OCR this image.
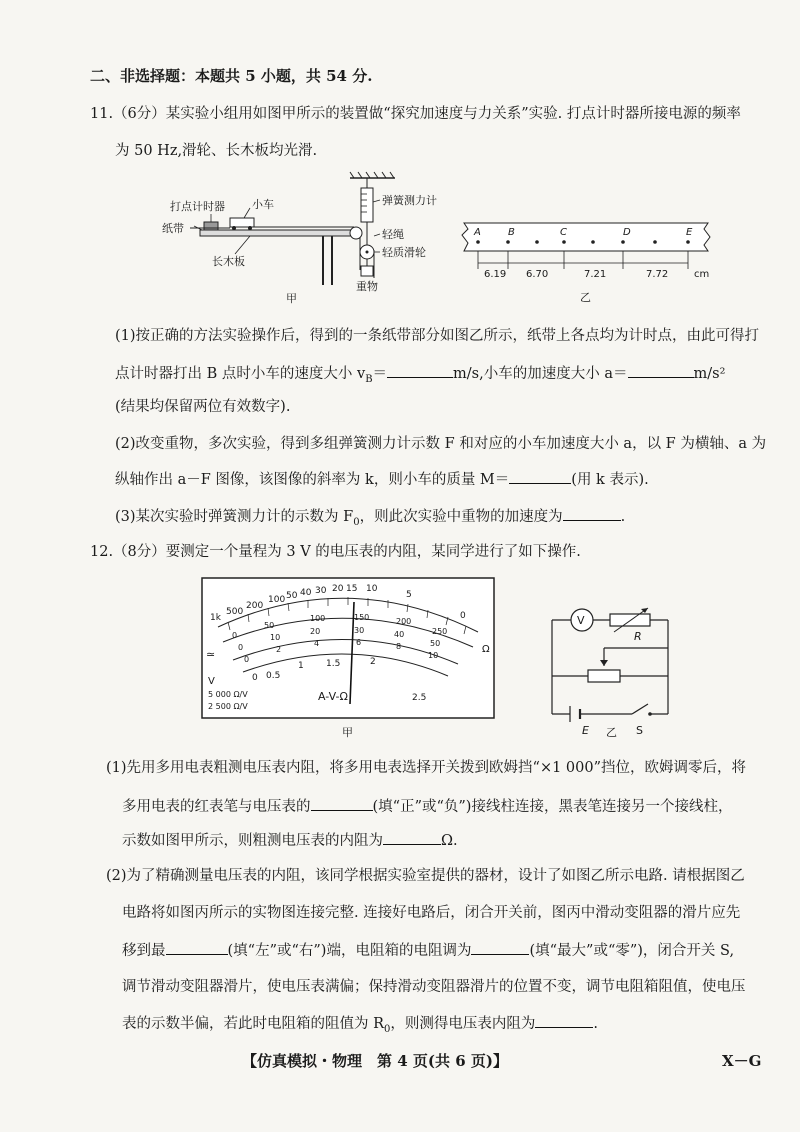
二、非选择题：本题共 5 小题，共 54 分.
11.（6分）某实验小组用如图甲所示的装置做“探究加速度与力关系”实验. 打点计时器所接电源的频率
为 50 Hz,滑轮、长木板均光滑.
打点计时器 小车
纸带
长木板
弹簧测力计
轻绳
轻质滑轮
重物
甲
A	B	C	D	E
6.19 6.70	7.21	7.72	cm
乙
(1)按正确的方法实验操作后，得到的一条纸带部分如图乙所示，纸带上各点均为计时点，由此可得打
点计时器打出 B 点时小车的速度大小 $v_B=$	m/s,小车的加速度大小 a＝	m/s²
(结果均保留两位有效数字).
(2)改变重物，多次实验，得到多组弹簧测力计示数 F 和对应的小车加速度大小 a，以 F 为横轴、a 为
纵轴作出 a－F 图像，该图像的斜率为 k，则小车的质量 M＝	(用 k 表示).
(3)某次实验时弹簧测力计的示数为 $F_0$，则此次实验中重物的加速度为	.
12.（8分）要测定一个量程为 3 V 的电压表的内阻，某同学进行了如下操作.
1k
500
200
100 50 40 30 20 15 10
5
0
Ω
0
50
100	150	200
250
0
10
20	30	40
50
0
2
4	6	8
10
0 0.5
1 1.5	2
2.5
≃
V
A-V-Ω
5 000 Ω/V
2 500 Ω/V
甲
V
R
E	S
乙
(1)先用多用电表粗测电压表内阻，将多用电表选择开关拨到欧姆挡“×1 000”挡位，欧姆调零后，将
多用电表的红表笔与电压表的	(填“正”或“负”)接线柱连接，黑表笔连接另一个接线柱，
示数如图甲所示，则粗测电压表的内阻为	Ω.
(2)为了精确测量电压表的内阻，该同学根据实验室提供的器材，设计了如图乙所示电路. 请根据图乙
电路将如图丙所示的实物图连接完整. 连接好电路后，闭合开关前，图丙中滑动变阻器的滑片应先
移到最	(填“左”或“右”)端，电阻箱的电阻调为	(填“最大”或“零”)，闭合开关 S,
调节滑动变阻器滑片，使电压表满偏；保持滑动变阻器滑片的位置不变，调节电阻箱阻值，使电压
表的示数半偏，若此时电阻箱的阻值为 $R_0$，则测得电压表内阻为	.
【仿真模拟・物理　第 4 页(共 6 页)】	X－G
